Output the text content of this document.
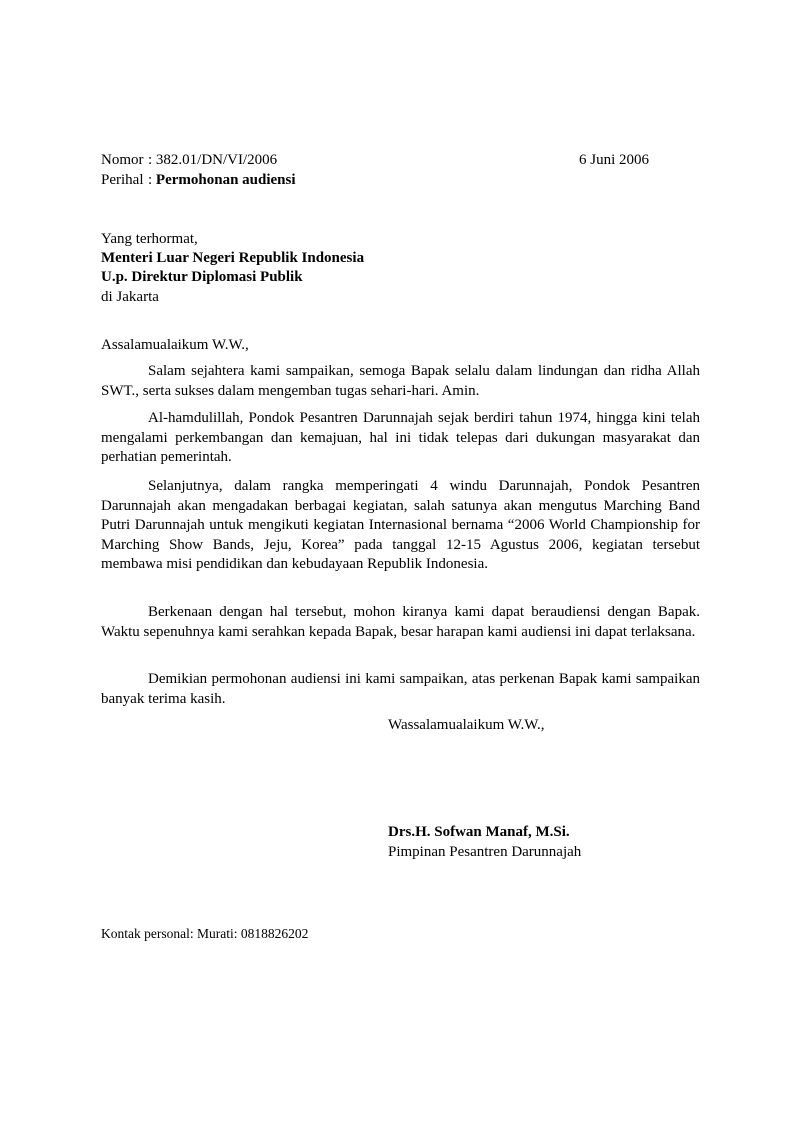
Nomor : 382.01/DN/VI/2006	6 Juni 2006
Perihal : Permohonan audiensi
Yang terhormat,
Menteri Luar Negeri Republik Indonesia
U.p. Direktur Diplomasi Publik
di Jakarta
Assalamualaikum W.W.,
Salam sejahtera kami sampaikan, semoga Bapak selalu dalam lindungan dan ridha Allah SWT., serta sukses dalam mengemban tugas sehari-hari. Amin.
Al-hamdulillah, Pondok Pesantren Darunnajah sejak berdiri tahun 1974, hingga kini telah mengalami perkembangan dan kemajuan, hal ini tidak telepas dari dukungan masyarakat dan perhatian pemerintah.
Selanjutnya, dalam rangka memperingati 4 windu Darunnajah, Pondok Pesantren Darunnajah akan mengadakan berbagai kegiatan, salah satunya akan mengutus Marching Band Putri Darunnajah untuk mengikuti kegiatan Internasional bernama “2006 World Championship for Marching Show Bands, Jeju, Korea” pada tanggal 12-15 Agustus 2006, kegiatan tersebut membawa misi pendidikan dan kebudayaan Republik Indonesia.
Berkenaan dengan hal tersebut, mohon kiranya kami dapat beraudiensi dengan Bapak. Waktu sepenuhnya kami serahkan kepada Bapak, besar harapan kami audiensi ini dapat terlaksana.
Demikian permohonan audiensi ini kami sampaikan, atas perkenan Bapak kami sampaikan banyak terima kasih.
Wassalamualaikum W.W.,
Drs.H. Sofwan Manaf, M.Si.
Pimpinan Pesantren Darunnajah
Kontak personal: Murati: 0818826202
